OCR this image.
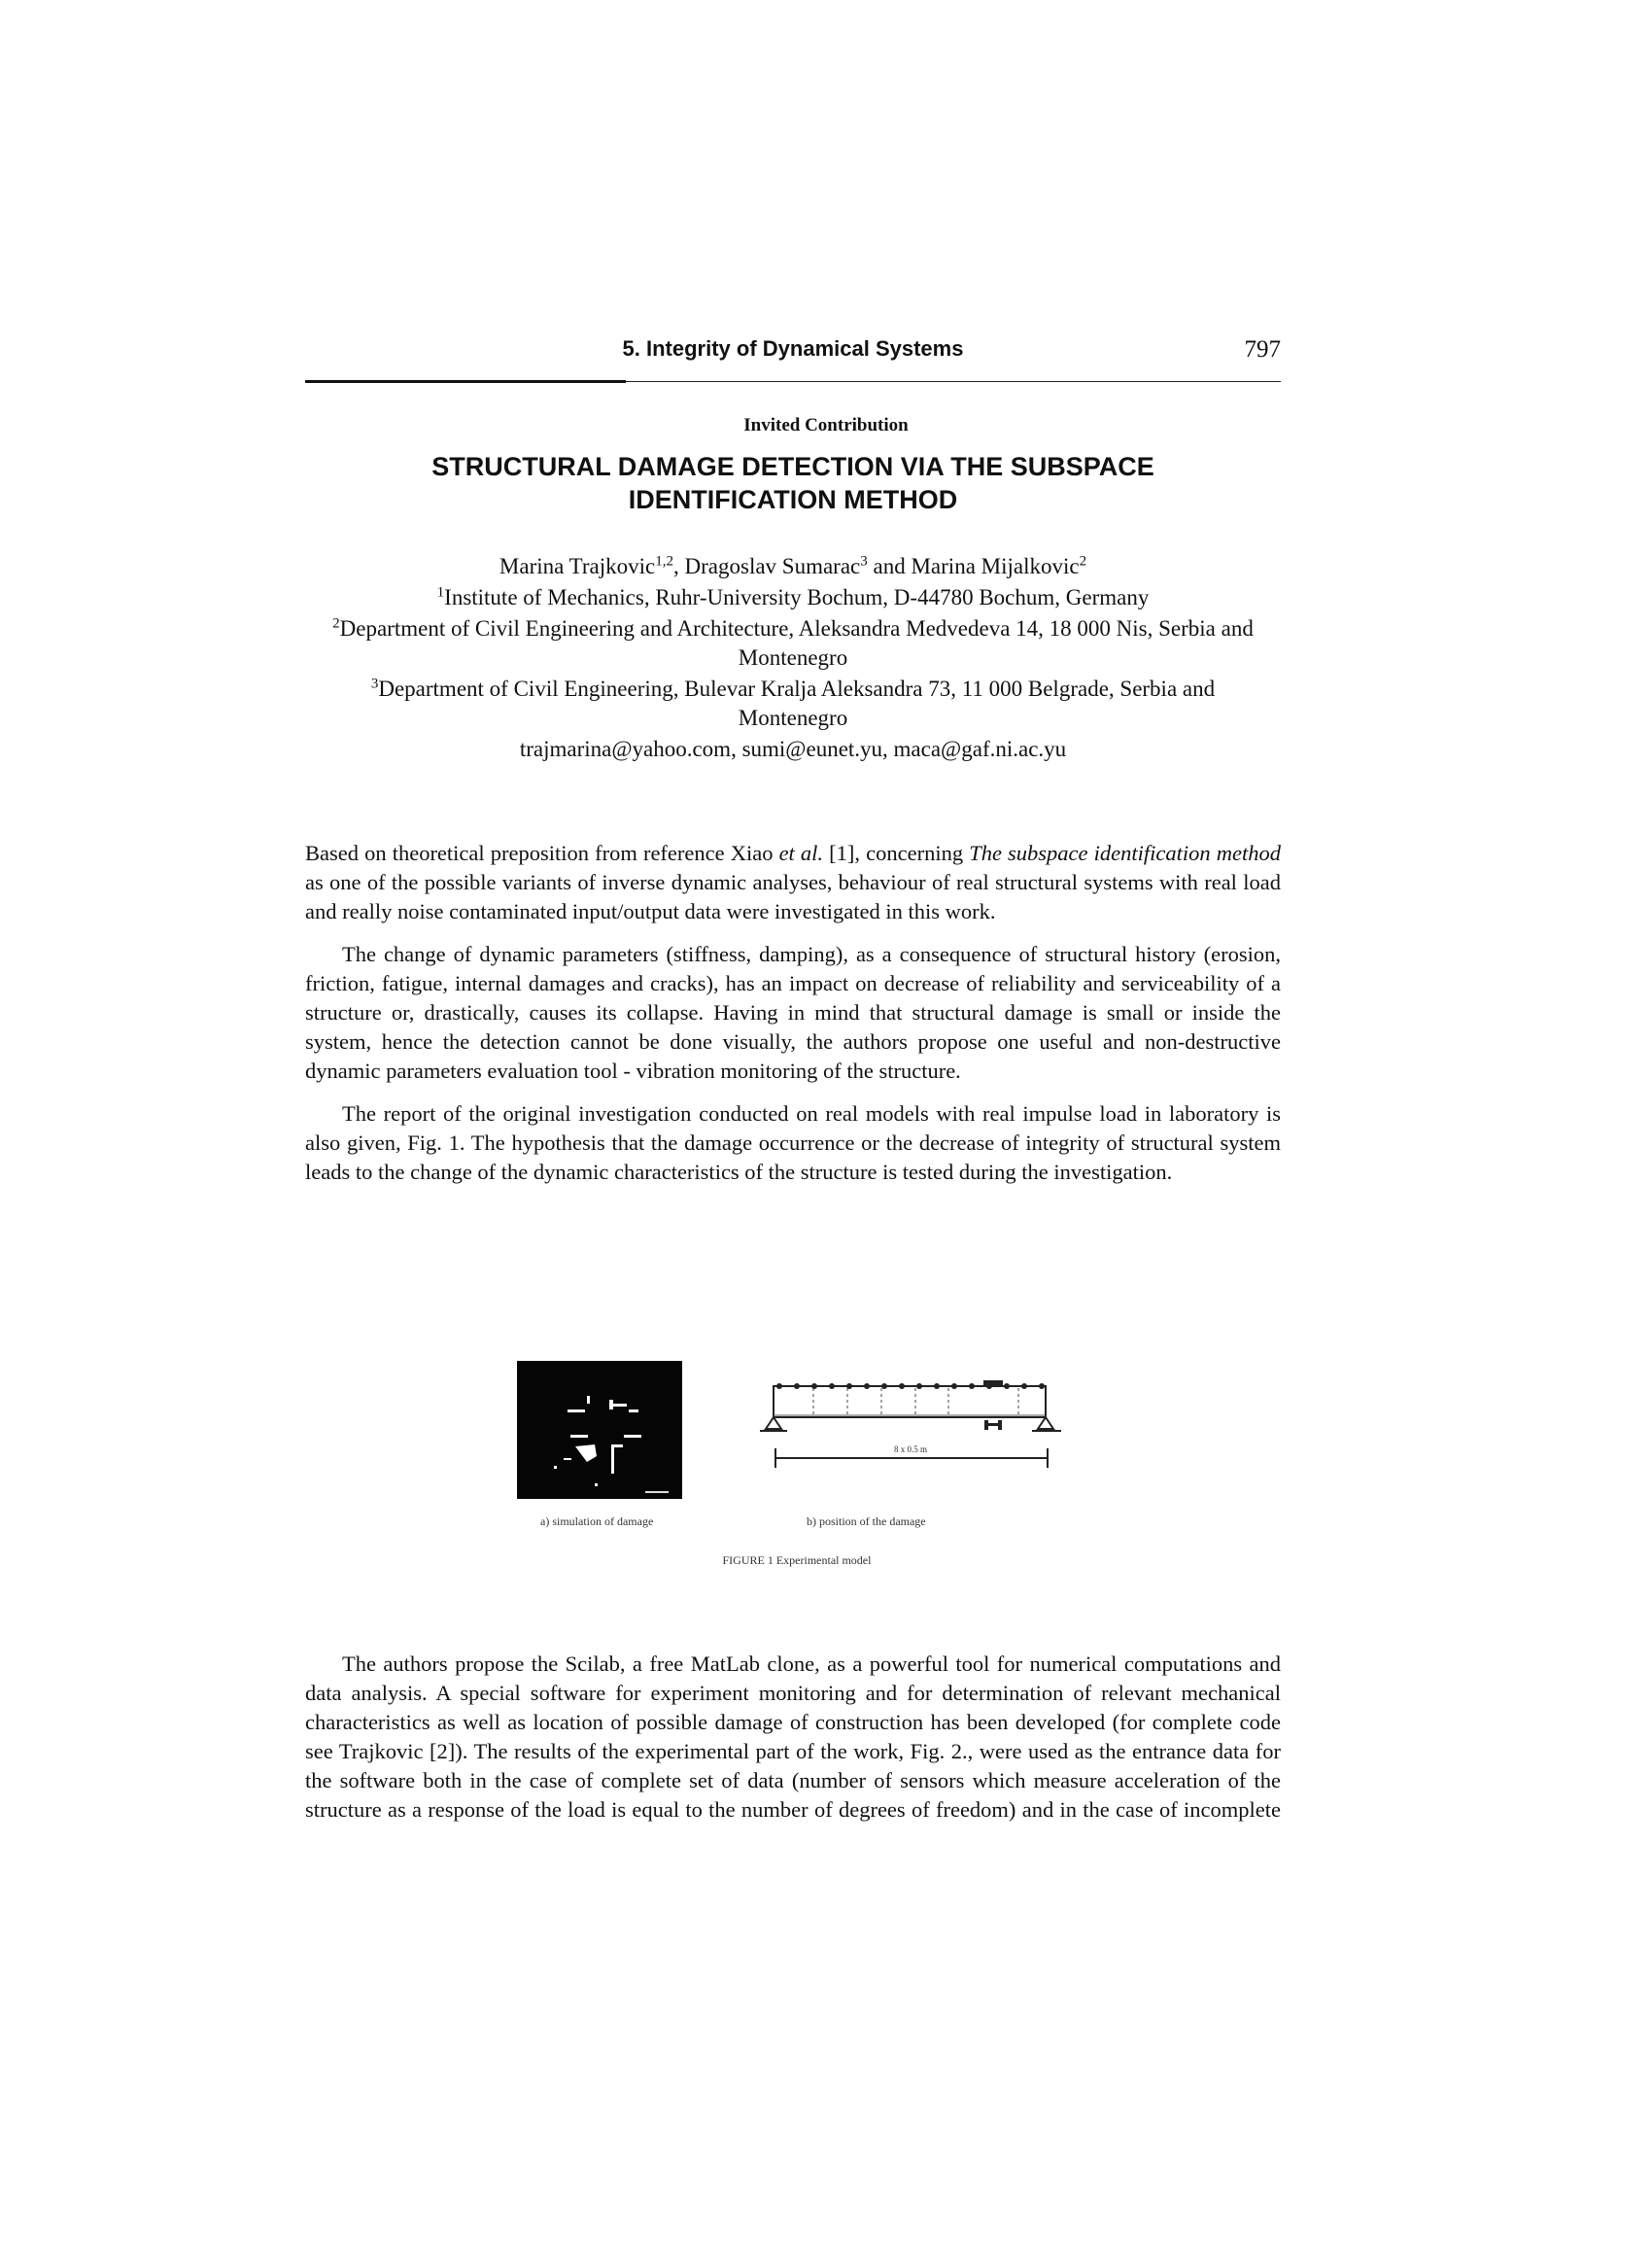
5. Integrity of Dynamical Systems	797
Invited Contribution
STRUCTURAL DAMAGE DETECTION VIA THE SUBSPACE
IDENTIFICATION METHOD

Marina Trajkovic$^{1,2}$, Dragoslav Sumarac$^3$ and Marina Mijalkovic$^2$

$^1$Institute of Mechanics, Ruhr-University Bochum, D-44780 Bochum, Germany

$^2$Department of Civil Engineering and Architecture, Aleksandra Medvedeva 14, 18 000 Nis, Serbia and Montenegro

$^3$Department of Civil Engineering, Bulevar Kralja Aleksandra 73, 11 000 Belgrade, Serbia and Montenegro

trajmarina@yahoo.com, sumi@eunet.yu, maca@gaf.ni.ac.yu

Based on theoretical preposition from reference Xiao et al. [1], concerning The subspace identification method as one of the possible variants of inverse dynamic analyses, behaviour of real structural systems with real load and really noise contaminated input/output data were investigated in this work.

The change of dynamic parameters (stiffness, damping), as a consequence of structural history (erosion, friction, fatigue, internal damages and cracks), has an impact on decrease of reliability and serviceability of a structure or, drastically, causes its collapse. Having in mind that structural damage is small or inside the system, hence the detection cannot be done visually, the authors propose one useful and non-destructive dynamic parameters evaluation tool - vibration monitoring of the structure.

The report of the original investigation conducted on real models with real impulse load in laboratory is also given, Fig. 1. The hypothesis that the damage occurrence or the decrease of integrity of structural system leads to the change of the dynamic characteristics of the structure is tested during the investigation.

8 x 0.5 m
a) simulation of damage	b) position of the damage
FIGURE 1 Experimental model

The authors propose the Scilab, a free MatLab clone, as a powerful tool for numerical computations and data analysis. A special software for experiment monitoring and for determination of relevant mechanical characteristics as well as location of possible damage of construction has been developed (for complete code see Trajkovic [2]). The results of the experimental part of the work, Fig. 2., were used as the entrance data for the software both in the case of complete set of data (number of sensors which measure acceleration of the structure as a response of the load is equal to the number of degrees of freedom) and in the case of incomplete
